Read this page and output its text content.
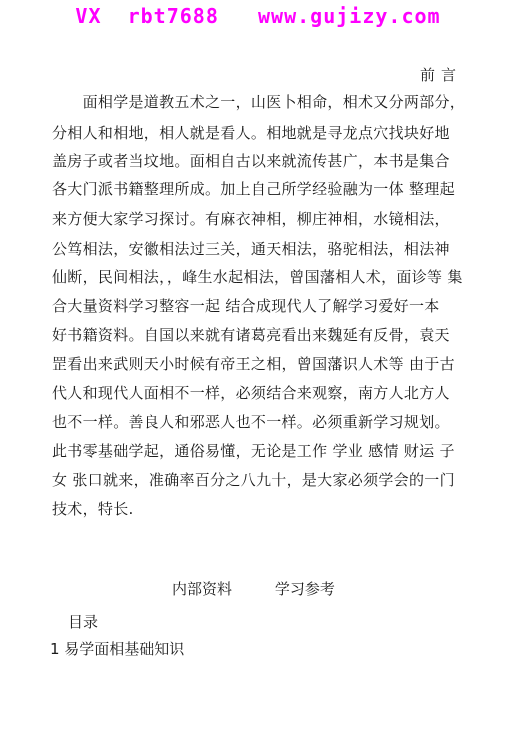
VX  rbt7688   www.gujizy.com
前言
　　面相学是道教五术之一，山医卜相命，相术又分两部分，
分相人和相地，相人就是看人。相地就是寻龙点穴找块好地
盖房子或者当坟地。面相自古以来就流传甚广，本书是集合
各大门派书籍整理所成。加上自己所学经验融为一体 整理起
来方便大家学习探讨。有麻衣神相，柳庄神相，水镜相法，
公笃相法，安徽相法过三关，通天相法，骆驼相法，相法神
仙断，民间相法，，峰生水起相法，曾国藩相人术，面诊等 集
合大量资料学习整容一起 结合成现代人了解学习爱好一本
好书籍资料。自国以来就有诸葛亮看出来魏延有反骨，袁天
罡看出来武则天小时候有帝王之相，曾国藩识人术等 由于古
代人和现代人面相不一样，必须结合来观察，南方人北方人
也不一样。善良人和邪恶人也不一样。必须重新学习规划。
此书零基础学起，通俗易懂，无论是工作 学业 感情 财运 子
女 张口就来，准确率百分之八九十，是大家必须学会的一门
技术，特长.
内部资料         学习参考
目录
1 易学面相基础知识
